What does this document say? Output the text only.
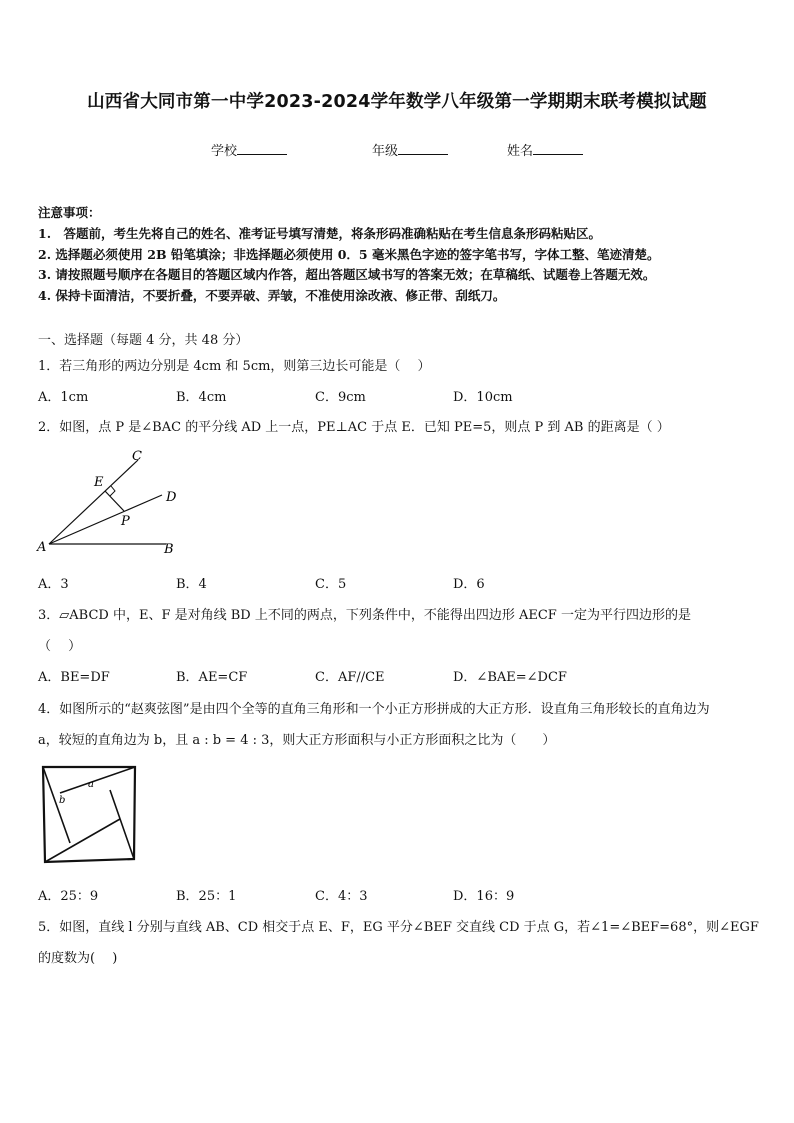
山西省大同市第一中学2023-2024学年数学八年级第一学期期末联考模拟试题
学校	年级	姓名
注意事项：
1.　答题前，考生先将自己的姓名、准考证号填写清楚，将条形码准确粘贴在考生信息条形码粘贴区。
2. 选择题必须使用 2B 铅笔填涂；非选择题必须使用 0．5 毫米黑色字迹的签字笔书写，字体工整、笔迹清楚。
3. 请按照题号顺序在各题目的答题区域内作答，超出答题区域书写的答案无效；在草稿纸、试题卷上答题无效。
4. 保持卡面清洁，不要折叠，不要弄破、弄皱，不准使用涂改液、修正带、刮纸刀。
一、选择题（每题 4 分，共 48 分）
1．若三角形的两边分别是 4cm 和 5cm，则第三边长可能是（　 ）
A．1cm	B．4cm	C．9cm	D．10cm
2．如图，点 P 是∠BAC 的平分线 AD 上一点，PE⊥AC 于点 E．已知 PE=5，则点 P 到 AB 的距离是（ ）
C
E
D
P
A	B
A．3	B．4	C．5	D．6
3．▱ABCD 中，E、F 是对角线 BD 上不同的两点，下列条件中，不能得出四边形 AECF 一定为平行四边形的是
（　 ）
A．BE=DF	B．AE=CF	C．AF//CE	D．∠BAE=∠DCF
4．如图所示的“赵爽弦图”是由四个全等的直角三角形和一个小正方形拼成的大正方形．设直角三角形较长的直角边为
a，较短的直角边为 b，且 a : b = 4 : 3，则大正方形面积与小正方形面积之比为（　　）
a
b
A．25：9	B．25：1	C．4：3	D．16：9
5．如图，直线 l 分别与直线 AB、CD 相交于点 E、F，EG 平分∠BEF 交直线 CD 于点 G，若∠1=∠BEF=68°，则∠EGF
的度数为(　 )
